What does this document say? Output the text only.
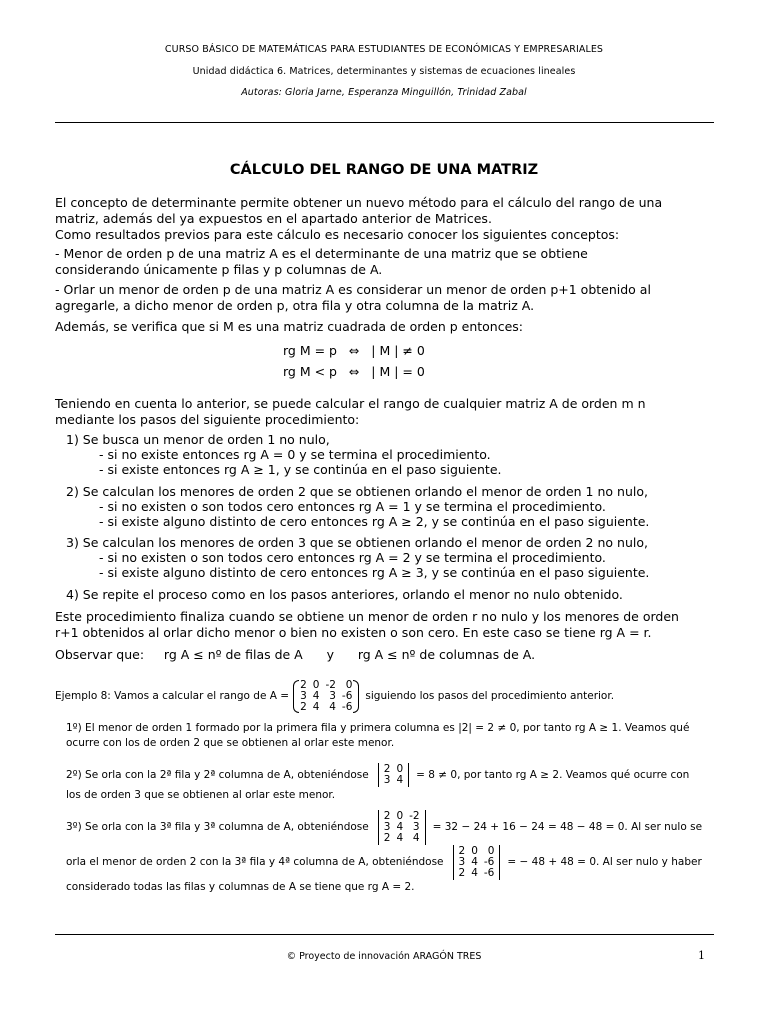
CURSO BÁSICO DE MATEMÁTICAS PARA ESTUDIANTES DE ECONÓMICAS Y EMPRESARIALES
Unidad didáctica 6. Matrices, determinantes y sistemas de ecuaciones lineales
Autoras: Gloria Jarne, Esperanza Minguillón, Trinidad Zabal
CÁLCULO DEL RANGO DE UNA MATRIZ
El concepto de determinante permite obtener un nuevo método para el cálculo del rango de una
matriz, además del ya expuestos en el apartado anterior de Matrices.
Como resultados previos para este cálculo es necesario conocer los siguientes conceptos:
- Menor de orden p de una matriz A es el determinante de una matriz que se obtiene
considerando únicamente p filas y p columnas de A.
- Orlar un menor de orden p de una matriz A es considerar un menor de orden p+1 obtenido al
agregarle, a dicho menor de orden p, otra fila y otra columna de la matriz A.
Además, se verifica que si M es una matriz cuadrada de orden p entonces:
rg M = p   ⇔   | M | ≠ 0
rg M < p   ⇔   | M | = 0
Teniendo en cuenta lo anterior, se puede calcular el rango de cualquier matriz A de orden m n
mediante los pasos del siguiente procedimiento:
1) Se busca un menor de orden 1 no nulo,
- si no existe entonces rg A = 0 y se termina el procedimiento.
- si existe entonces rg A ≥ 1, y se continúa en el paso siguiente.
2) Se calculan los menores de orden 2 que se obtienen orlando el menor de orden 1 no nulo,
- si no existen o son todos cero entonces rg A = 1 y se termina el procedimiento.
- si existe alguno distinto de cero entonces rg A ≥ 2, y se continúa en el paso siguiente.
3) Se calculan los menores de orden 3 que se obtienen orlando el menor de orden 2 no nulo,
- si no existen o son todos cero entonces rg A = 2 y se termina el procedimiento.
- si existe alguno distinto de cero entonces rg A ≥ 3, y se continúa en el paso siguiente.
4) Se repite el proceso como en los pasos anteriores, orlando el menor no nulo obtenido.
Este procedimiento finaliza cuando se obtiene un menor de orden r no nulo y los menores de orden
r+1 obtenidos al orlar dicho menor o bien no existen o son cero. En este caso se tiene rg A = r.
Observar que:     rg A ≤ nº de filas de A      y      rg A ≤ nº de columnas de A.
Ejemplo 8: Vamos a calcular el rango de A =
2	0	-2	0
3	4	3	-6
2	4	4	-6
siguiendo los pasos del procedimiento anterior.
1º) El menor de orden 1 formado por la primera fila y primera columna es |2| = 2 ≠ 0, por tanto rg A ≥ 1. Veamos qué
ocurre con los de orden 2 que se obtienen al orlar este menor.
2º) Se orla con la 2ª fila y 2ª columna de A, obteniéndose 2	0
3	4 = 8 ≠ 0, por tanto rg A ≥ 2. Veamos qué ocurre con
los de orden 3 que se obtienen al orlar este menor.
3º) Se orla con la 3ª fila y 3ª columna de A, obteniéndose
2	0	-2
3	4	3
2	4	4
= 32 − 24 + 16 − 24 = 48 − 48 = 0. Al ser nulo se
orla el menor de orden 2 con la 3ª fila y 4ª columna de A, obteniéndose
2	0	0
3	4	-6
2	4	-6
= − 48 + 48 = 0. Al ser nulo y haber
considerado todas las filas y columnas de A se tiene que rg A = 2.
© Proyecto de innovación ARAGÓN TRES	1
